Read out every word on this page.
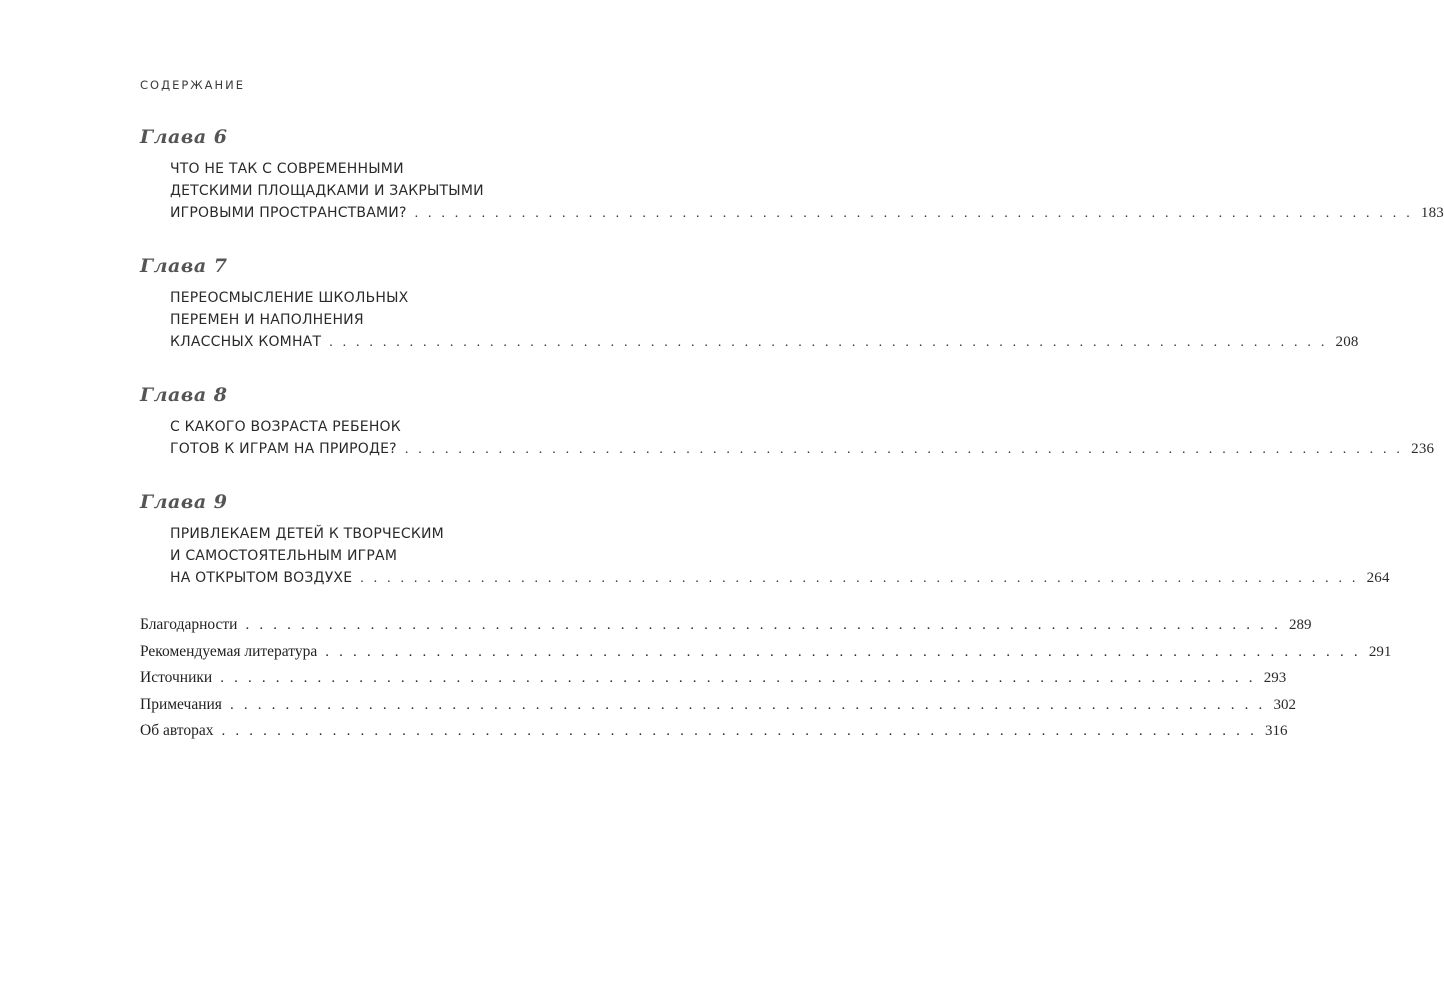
СОДЕРЖАНИЕ
Глава 6
ЧТО НЕ ТАК С СОВРЕМЕННЫМИ
ДЕТСКИМИ ПЛОЩАДКАМИ И ЗАКРЫТЫМИ
ИГРОВЫМИ ПРОСТРАНСТВАМИ? . . . . . . . . . . . . . . . . . . . . . . . . . . . . . . . . . . . . . . . . . . . . . . . . . . . . . . . . . . . . . . . . . . . . . . . . . . . 183
Глава 7
ПЕРЕОСМЫСЛЕНИЕ ШКОЛЬНЫХ
ПЕРЕМЕН И НАПОЛНЕНИЯ
КЛАССНЫХ КОМНАТ . . . . . . . . . . . . . . . . . . . . . . . . . . . . . . . . . . . . . . . . . . . . . . . . . . . . . . . . . . . . . . . . . . . . . . . . . . . 208
Глава 8
С КАКОГО ВОЗРАСТА РЕБЕНОК
ГОТОВ К ИГРАМ НА ПРИРОДЕ? . . . . . . . . . . . . . . . . . . . . . . . . . . . . . . . . . . . . . . . . . . . . . . . . . . . . . . . . . . . . . . . . . . . . . . . . . . . 236
Глава 9
ПРИВЛЕКАЕМ ДЕТЕЙ К ТВОРЧЕСКИМ
И САМОСТОЯТЕЛЬНЫМ ИГРАМ
НА ОТКРЫТОМ ВОЗДУХЕ . . . . . . . . . . . . . . . . . . . . . . . . . . . . . . . . . . . . . . . . . . . . . . . . . . . . . . . . . . . . . . . . . . . . . . . . . . . 264
Благодарности . . . . . . . . . . . . . . . . . . . . . . . . . . . . . . . . . . . . . . . . . . . . . . . . . . . . . . . . . . . . . . . . . . . . . . . . . . . 289
Рекомендуемая литература . . . . . . . . . . . . . . . . . . . . . . . . . . . . . . . . . . . . . . . . . . . . . . . . . . . . . . . . . . . . . . . . . . . . . . . . . . . 291
Источники . . . . . . . . . . . . . . . . . . . . . . . . . . . . . . . . . . . . . . . . . . . . . . . . . . . . . . . . . . . . . . . . . . . . . . . . . . . 293
Примечания . . . . . . . . . . . . . . . . . . . . . . . . . . . . . . . . . . . . . . . . . . . . . . . . . . . . . . . . . . . . . . . . . . . . . . . . . . . 302
Об авторах . . . . . . . . . . . . . . . . . . . . . . . . . . . . . . . . . . . . . . . . . . . . . . . . . . . . . . . . . . . . . . . . . . . . . . . . . . . 316
